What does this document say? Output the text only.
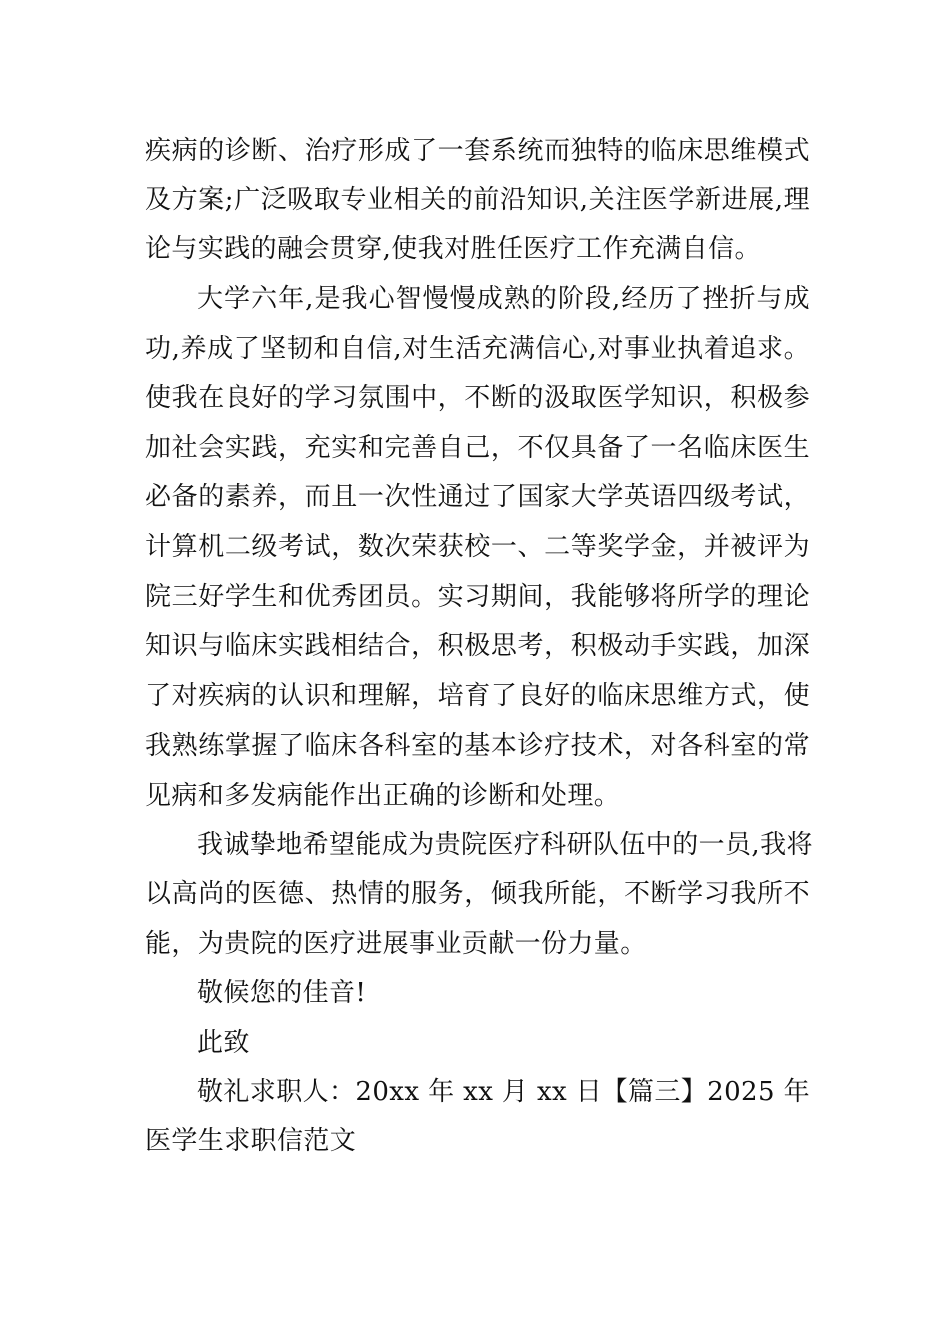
疾病的诊断、治疗形成了一套系统而独特的临床思维模式
及方案;广泛吸取专业相关的前沿知识,关注医学新进展,理
论与实践的融会贯穿,使我对胜任医疗工作充满自信。
大学六年,是我心智慢慢成熟的阶段,经历了挫折与成
功,养成了坚韧和自信,对生活充满信心,对事业执着追求。
使我在良好的学习氛围中，不断的汲取医学知识，积极参
加社会实践，充实和完善自己，不仅具备了一名临床医生
必备的素养，而且一次性通过了国家大学英语四级考试，
计算机二级考试，数次荣获校一、二等奖学金，并被评为
院三好学生和优秀团员。实习期间，我能够将所学的理论
知识与临床实践相结合，积极思考，积极动手实践，加深
了对疾病的认识和理解，培育了良好的临床思维方式，使
我熟练掌握了临床各科室的基本诊疗技术，对各科室的常
见病和多发病能作出正确的诊断和处理。
我诚挚地希望能成为贵院医疗科研队伍中的一员,我将
以高尚的医德、热情的服务，倾我所能，不断学习我所不
能，为贵院的医疗进展事业贡献一份力量。
敬候您的佳音!
此致
敬礼求职人：20xx 年 xx 月 xx 日 【篇三】2025 年
医学生求职信范文
